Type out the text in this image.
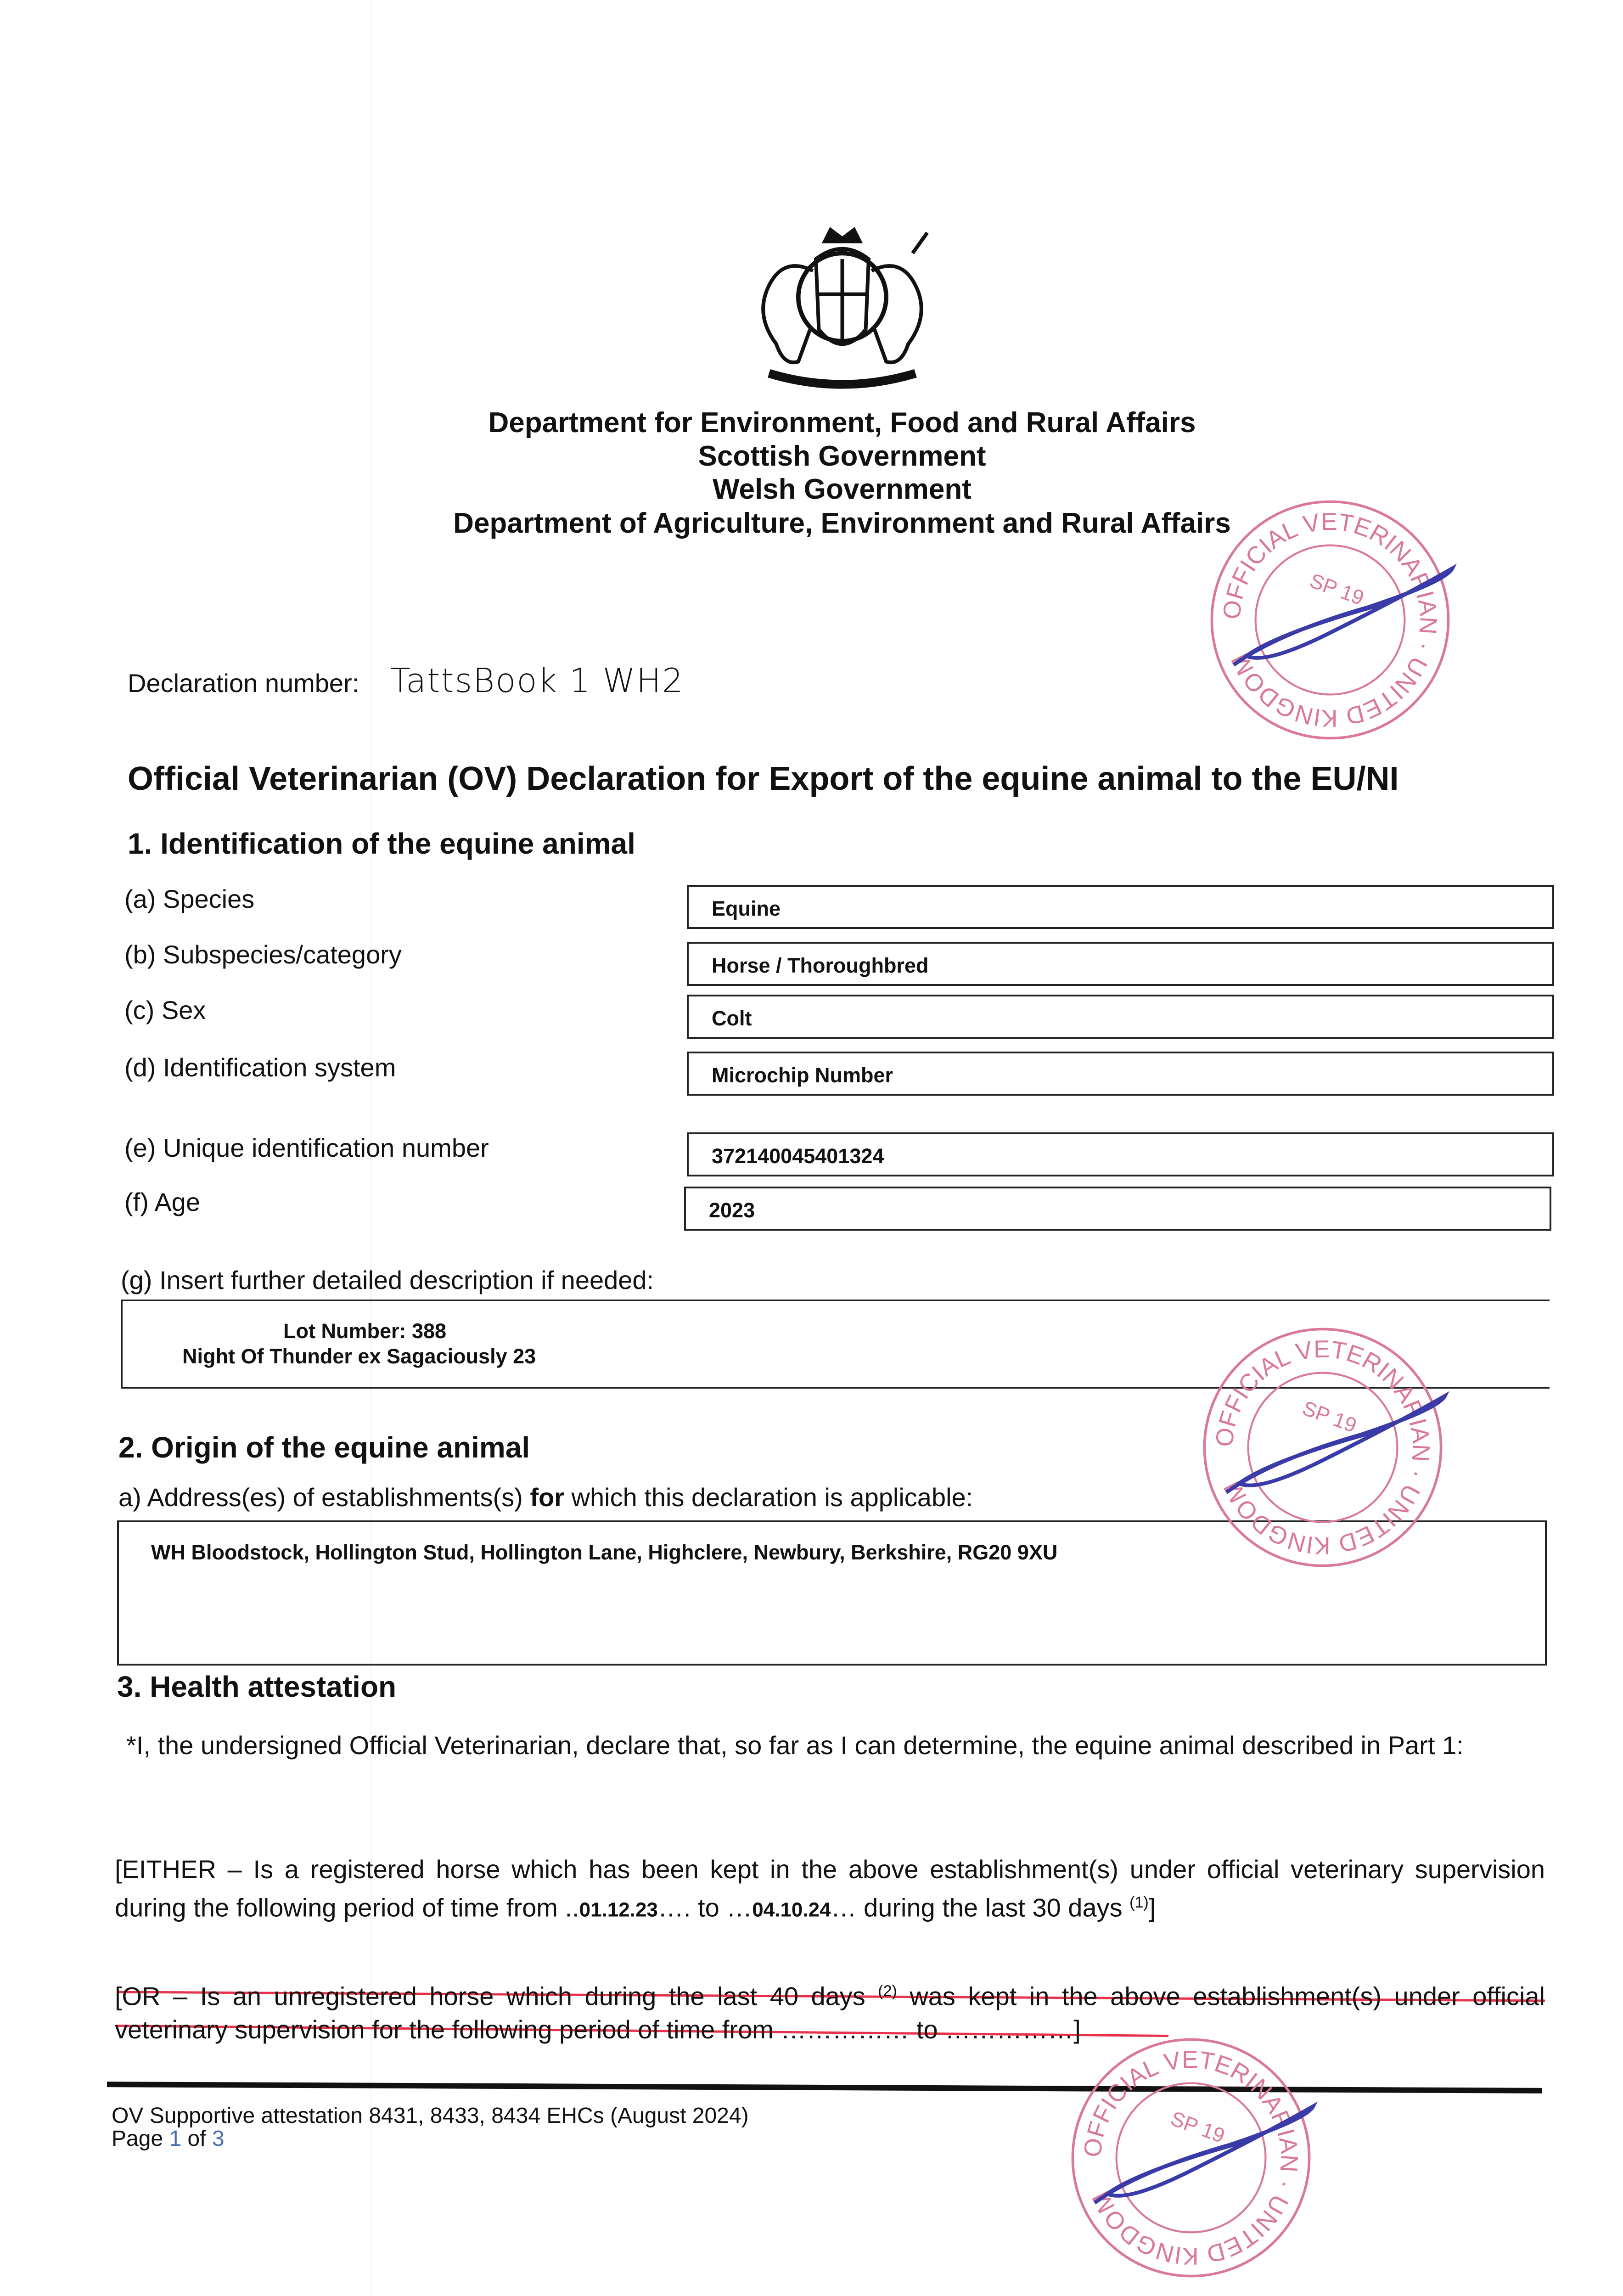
Department for Environment, Food and Rural Affairs
Scottish Government
Welsh Government
Department of Agriculture, Environment and Rural Affairs
Declaration number: TattsBook 1 WH2
Official Veterinarian (OV) Declaration for Export of the equine animal to the EU/NI
1. Identification of the equine animal
(a) Species	Equine
(b) Subspecies/category	Horse / Thoroughbred
(c) Sex	Colt
(d) Identification system	Microchip Number
(e) Unique identification number	372140045401324
(f) Age	2023
(g) Insert further detailed description if needed:
Lot Number: 388
Night Of Thunder ex Sagaciously 23
2. Origin of the equine animal
a) Address(es) of establishments(s) for which this declaration is applicable:
WH Bloodstock, Hollington Stud, Hollington Lane, Highclere, Newbury, Berkshire, RG20 9XU
3. Health attestation
*I, the undersigned Official Veterinarian, declare that, so far as I can determine, the equine animal described in Part 1:
[EITHER – Is a registered horse which has been kept in the above establishment(s) under official veterinary supervision during the following period of time from ..01.12.23…. to …04.10.24… during the last 30 days $^{(1)}$]
[OR – Is an unregistered horse which during the last 40 days $^{(2)}$ was kept in the above establishment(s) under official veterinary supervision for the following period of time from …………… to ……………]
OV Supportive attestation 8431, 8433, 8434 EHCs (August 2024)
Page 1 of 3
OFFICIAL VETERINARIAN · UNITED KINGDOM
SP 19
OFFICIAL VETERINARIAN · UNITED KINGDOM
SP 19
OFFICIAL VETERINARIAN · UNITED KINGDOM
SP 19
